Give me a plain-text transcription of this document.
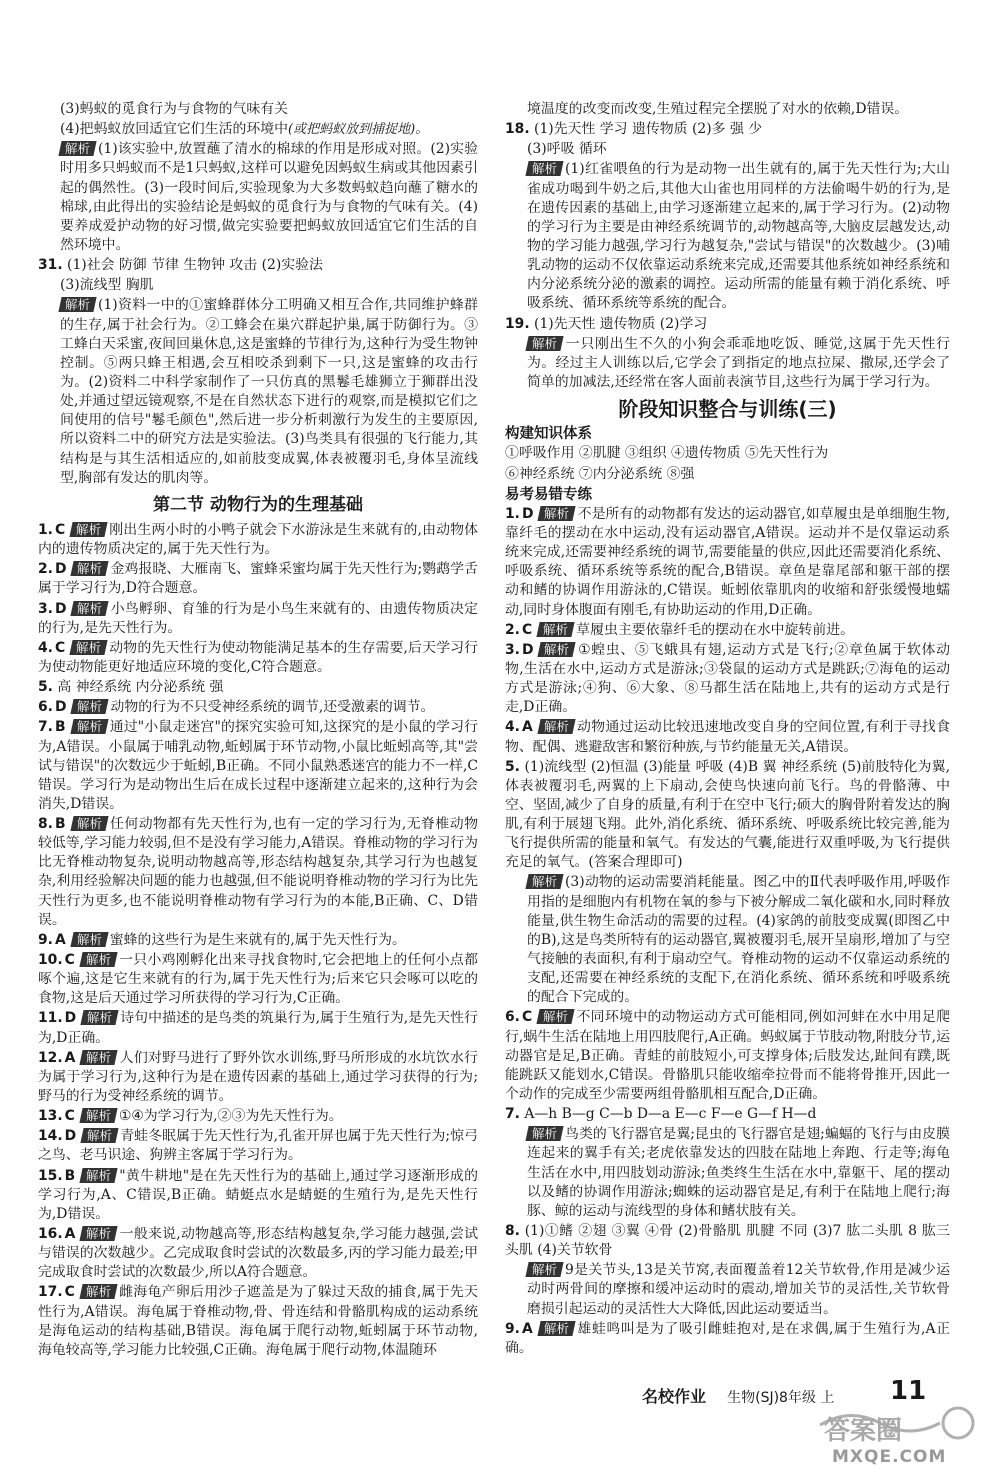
(3)蚂蚁的觅食行为与食物的气味有关
(4)把蚂蚁放回适宜它们生活的环境中(或把蚂蚁放到捕捉地)。
解析 (1)该实验中,放置蘸了清水的棉球的作用是形成对照。(2)实验时用多只蚂蚁而不是1只蚂蚁,这样可以避免因蚂蚁生病或其他因素引起的偶然性。(3)一段时间后,实验现象为大多数蚂蚁趋向蘸了糖水的棉球,由此得出的实验结论是蚂蚁的觅食行为与食物的气味有关。(4)要养成爱护动物的好习惯,做完实验要把蚂蚁放回适宜它们生活的自然环境中。
31. (1)社会 防御 节律 生物钟 攻击 (2)实验法
(3)流线型 胸肌
解析 (1)资料一中的①蜜蜂群体分工明确又相互合作,共同维护蜂群的生存,属于社会行为。②工蜂会在巢穴群起护巢,属于防御行为。③工蜂白天采蜜,夜间回巢休息,这是蜜蜂的节律行为,这种行为受生物钟控制。⑤两只蜂王相遇,会互相咬杀到剩下一只,这是蜜蜂的攻击行为。(2)资料二中科学家制作了一只仿真的黑鬈毛雄狮立于狮群出没处,并通过望远镜观察,不是在自然状态下进行的观察,而是模拟它们之间使用的信号"鬈毛颜色",然后进一步分析刺激行为发生的主要原因,所以资料二中的研究方法是实验法。(3)鸟类具有很强的飞行能力,其结构是与其生活相适应的,如前肢变成翼,体表被覆羽毛,身体呈流线型,胸部有发达的肌肉等。
第二节 动物行为的生理基础
1. C 解析 刚出生两小时的小鸭子就会下水游泳是生来就有的,由动物体内的遗传物质决定的,属于先天性行为。
2. D 解析 金鸡报晓、大雁南飞、蜜蜂采蜜均属于先天性行为;鹦鹉学舌属于学习行为,D符合题意。
3. D 解析 小鸟孵卵、育雏的行为是小鸟生来就有的、由遗传物质决定的行为,是先天性行为。
4. C 解析 动物的先天性行为使动物能满足基本的生存需要,后天学习行为使动物能更好地适应环境的变化,C符合题意。
5. 高 神经系统 内分泌系统 强
6. D 解析 动物的行为不只受神经系统的调节,还受激素的调节。
7. B 解析 通过"小鼠走迷宫"的探究实验可知,这探究的是小鼠的学习行为,A错误。小鼠属于哺乳动物,蚯蚓属于环节动物,小鼠比蚯蚓高等,其"尝试与错误"的次数远少于蚯蚓,B正确。不同小鼠熟悉迷宫的能力不一样,C错误。学习行为是动物出生后在成长过程中逐渐建立起来的,这种行为会消失,D错误。
8. B 解析 任何动物都有先天性行为,也有一定的学习行为,无脊椎动物较低等,学习能力较弱,但不是没有学习能力,A错误。脊椎动物的学习行为比无脊椎动物复杂,说明动物越高等,形态结构越复杂,其学习行为也越复杂,利用经验解决问题的能力也越强,但不能说明脊椎动物的学习行为比先天性行为更多,也不能说明脊椎动物有学习行为的本能,B正确、C、D错误。
9. A 解析 蜜蜂的这些行为是生来就有的,属于先天性行为。
10. C 解析 一只小鸡刚孵化出来寻找食物时,它会把地上的任何小点都啄个遍,这是它生来就有的行为,属于先天性行为;后来它只会啄可以吃的食物,这是后天通过学习所获得的学习行为,C正确。
11. D 解析 诗句中描述的是鸟类的筑巢行为,属于生殖行为,是先天性行为,D正确。
12. A 解析 人们对野马进行了野外饮水训练,野马所形成的水坑饮水行为属于学习行为,这种行为是在遗传因素的基础上,通过学习获得的行为;野马的行为受神经系统的调节。
13. C 解析 ①④为学习行为,②③为先天性行为。
14. D 解析 青蛙冬眠属于先天性行为,孔雀开屏也属于先天性行为;惊弓之鸟、老马识途、狗辨主客属于学习行为。
15. B 解析 "黄牛耕地"是在先天性行为的基础上,通过学习逐渐形成的学习行为,A、C错误,B正确。蜻蜓点水是蜻蜓的生殖行为,是先天性行为,D错误。
16. A 解析 一般来说,动物越高等,形态结构越复杂,学习能力越强,尝试与错误的次数越少。乙完成取食时尝试的次数最多,丙的学习能力最差;甲完成取食时尝试的次数最少,所以A符合题意。
17. C 解析 雌海龟产卵后用沙子遮盖是为了躲过天敌的捕食,属于先天性行为,A错误。海龟属于脊椎动物,骨、骨连结和骨骼肌构成的运动系统是海龟运动的结构基础,B错误。海龟属于爬行动物,蚯蚓属于环节动物,海龟较高等,学习能力比较强,C正确。海龟属于爬行动物,体温随环
境温度的改变而改变,生殖过程完全摆脱了对水的依赖,D错误。
18. (1)先天性 学习 遗传物质 (2)多 强 少
(3)呼吸 循环
解析 (1)红雀喂鱼的行为是动物一出生就有的,属于先天性行为;大山雀成功喝到牛奶之后,其他大山雀也用同样的方法偷喝牛奶的行为,是在遗传因素的基础上,由学习逐渐建立起来的,属于学习行为。(2)动物的学习行为主要是由神经系统调节的,动物越高等,大脑皮层越发达,动物的学习能力越强,学习行为越复杂,"尝试与错误"的次数越少。(3)哺乳动物的运动不仅依靠运动系统来完成,还需要其他系统如神经系统和内分泌系统分泌的激素的调控。运动所需的能量有赖于消化系统、呼吸系统、循环系统等系统的配合。
19. (1)先天性 遗传物质 (2)学习
解析 一只刚出生不久的小狗会乖乖地吃饭、睡觉,这属于先天性行为。经过主人训练以后,它学会了到指定的地点拉屎、撒尿,还学会了简单的加减法,还经常在客人面前表演节目,这些行为属于学习行为。
阶段知识整合与训练(三)
构建知识体系
①呼吸作用 ②肌腱 ③组织 ④遗传物质 ⑤先天性行为
⑥神经系统 ⑦内分泌系统 ⑧强
易考易错专练
1. D 解析 不是所有的动物都有发达的运动器官,如草履虫是单细胞生物,靠纤毛的摆动在水中运动,没有运动器官,A错误。运动并不是仅靠运动系统来完成,还需要神经系统的调节,需要能量的供应,因此还需要消化系统、呼吸系统、循环系统等系统的配合,B错误。章鱼是靠尾部和躯干部的摆动和鳍的协调作用游泳的,C错误。蚯蚓依靠肌肉的收缩和舒张缓慢地蠕动,同时身体腹面有刚毛,有协助运动的作用,D正确。
2. C 解析 草履虫主要依靠纤毛的摆动在水中旋转前进。
3. D 解析 ①蝗虫、⑤飞蛾具有翅,运动方式是飞行;②章鱼属于软体动物,生活在水中,运动方式是游泳;③袋鼠的运动方式是跳跃;⑦海龟的运动方式是游泳;④狗、⑥大象、⑧马都生活在陆地上,共有的运动方式是行走,D正确。
4. A 解析 动物通过运动比较迅速地改变自身的空间位置,有利于寻找食物、配偶、逃避敌害和繁衍种族,与节约能量无关,A错误。
5. (1)流线型 (2)恒温 (3)能量 呼吸 (4)B 翼 神经系统 (5)前肢特化为翼,体表被覆羽毛,两翼的上下扇动,会使鸟快速向前飞行。鸟的骨骼薄、中空、坚固,减少了自身的质量,有利于在空中飞行;硕大的胸骨附着发达的胸肌,有利于展翅飞翔。此外,消化系统、循环系统、呼吸系统比较完善,能为飞行提供所需的能量和氧气。有发达的气囊,能进行双重呼吸,为飞行提供充足的氧气。(答案合理即可)
解析 (3)动物的运动需要消耗能量。图乙中的Ⅱ代表呼吸作用,呼吸作用指的是细胞内有机物在氧的参与下被分解成二氧化碳和水,同时释放能量,供生物生命活动的需要的过程。(4)家鸽的前肢变成翼(即图乙中的B),这是鸟类所特有的运动器官,翼被覆羽毛,展开呈扇形,增加了与空气接触的表面积,有利于扇动空气。脊椎动物的运动不仅靠运动系统的支配,还需要在神经系统的支配下,在消化系统、循环系统和呼吸系统的配合下完成的。
6. C 解析 不同环境中的动物运动方式可能相同,例如河蚌在水中用足爬行,蜗牛生活在陆地上用四肢爬行,A正确。蚂蚁属于节肢动物,附肢分节,运动器官是足,B正确。青蛙的前肢短小,可支撑身体;后肢发达,趾间有蹼,既能跳跃又能划水,C错误。骨骼肌只能收缩牵拉骨而不能将骨推开,因此一个动作的完成至少需要两组骨骼肌相互配合,D正确。
7. A—h B—g C—b D—a E—c F—e G—f H—d
解析 鸟类的飞行器官是翼;昆虫的飞行器官是翅;蝙蝠的飞行与由皮膜连起来的翼手有关;老虎依靠发达的四肢在陆地上奔跑、行走等;海龟生活在水中,用四肢划动游泳;鱼类终生生活在水中,靠躯干、尾的摆动以及鳍的协调作用游泳;蜘蛛的运动器官是足,有利于在陆地上爬行;海豚、鲸的运动与流线型的身体和鳍状肢有关。
8. (1)①鳍 ②翅 ③翼 ④骨 (2)骨骼肌 肌腱 不同 (3)7 肱二头肌 8 肱三头肌 (4)关节软骨
解析 9是关节头,13是关节窝,表面覆盖着12关节软骨,作用是减少运动时两骨间的摩擦和缓冲运动时的震动,增加关节的灵活性,关节软骨磨损引起运动的灵活性大大降低,因此运动要适当。
9. A 解析 雄蛙鸣叫是为了吸引雌蛙抱对,是在求偶,属于生殖行为,A正确。
名校作业 生物(SJ)8年级 上 11
答案圈
MXQE.COM
